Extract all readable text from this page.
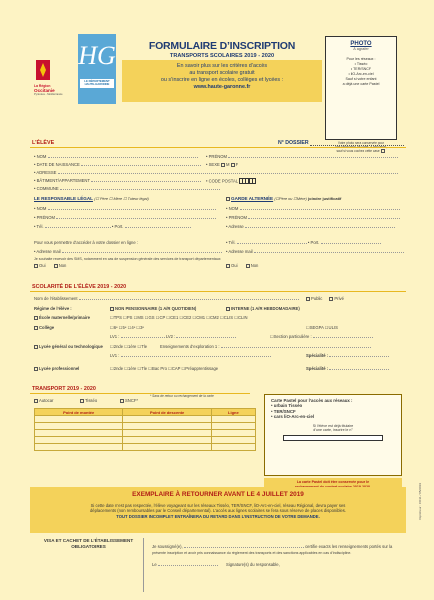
La Région
Occitanie
Pyrénées - Méditerranée
HG
LE DÉPARTEMENT
HAUTE-GARONNE
FORMULAIRE D’INSCRIPTION
TRANSPORTS SCOLAIRES 2019 - 2020
En savoir plus sur les critères d’accès
au transport scolaire gratuit
ou s’inscrire en ligne en écoles, collèges et lycées :
www.haute-garonne.fr
PHOTO
À agrafer
Pour les réseaux :
• Tisséo
• TER/SNCF
• liO-Arc-en-ciel
Sauf si votre enfant
a déjà une carte Pastel
Votre photo sera conservée pour
sauf si vous cochez cette case
L’ÉLÈVE	N° DOSSIER
• NOM	• PRÉNOM
• DATE DE NAISSANCE	• SEXE M F
• ADRESSE
• BÂTIMENT/APPARTEMENT	• CODE POSTAL
• COMMUNE
LE RESPONSABLE LÉGAL (☐ Père ☐ Mère ☐ Tuteur légal)	GARDE ALTERNÉE (☐Père ou ☐Mère) joindre justificatif
• NOM	• NOM
• PRÉNOM	• PRÉNOM
• Adresse
• Tél.	• Port.
Pour vous permettre d’accéder à votre dossier en ligne :	• Tél.	• Port.
• Adresse mail	• Adresse mail
Je souhaite recevoir des SMS, notamment en cas de suspension générale des services de transport départementaux
Oui	Non	Oui	Non
SCOLARITÉ DE L’ÉLÈVE 2019 - 2020
Nom de l’établissement	Public	Privé
Régime de l’élève :	NON PENSIONNAIRE (1 A/R QUOTIDIEN)	INTERNE (1 A/R HEBDOMADAIRE)
École maternelle/primaire	☐TPS ☐PS ☐MS ☐GS ☐CP ☐CE1 ☐CE2 ☐CM1 ☐CM2 ☐CLIS ☐CLIN
Collège	☐6ᵉ ☐5ᵉ ☐4ᵉ ☐3ᵉ	☐SEGPA ☐ULIS
☐Section particulière :
LV1 :	LV2 :
Lycée général ou technologique ☐2nde ☐1ère ☐Tle	Enseignements d’exploration 1 :
LV1 :	Spécialité :
Lycée professionnel	☐2nde ☐1ère ☐Tle ☐Bac Pro ☐CAP ☐Préapprentissage	Spécialité :
TRANSPORT 2019 - 2020
Autocar	Tisséo	SNCF*
* Sans de retour ou rechargement de la carte
Point de montée	Point de descente	Ligne

Carte Pastel pour l’accès aux réseaux :
• urbain Tisséo
• TER/SNCF
• cars liO-Arc-en-ciel
Si l’élève est déjà titulaire
d’une carte, inscrire le n°
La carte Pastel doit être conservée pour le
EXEMPLAIRE À RETOURNER AVANT LE 4 JUILLET 2019
Si cette date n’est pas respectée, l’élève voyageant sur les réseaux Tisséo, TER/SNCF, liO-Arc-en-ciel, réseau Régional, devra payer ses
déplacements (non remboursables par le Conseil départemental). L’accès aux lignes scolaires se fera sous réserve de places disponibles.
TOUT DOSSIER INCOMPLET ENTRAÎNERA DU RETARD DANS L’INSTRUCTION DE VOTRE DEMANDE.
VISA ET CACHET DE L’ÉTABLISSEMENT
OBLIGATOIRES	Je soussigné(e),	certifie exacts les renseignements portés sur la
présente inscription et avoir pris connaissance du règlement des transports et des sanctions applicables en cas d’indiscipline.
Le	Signature(s) du responsable,
Imprimeur : CD31 / 05/2019
